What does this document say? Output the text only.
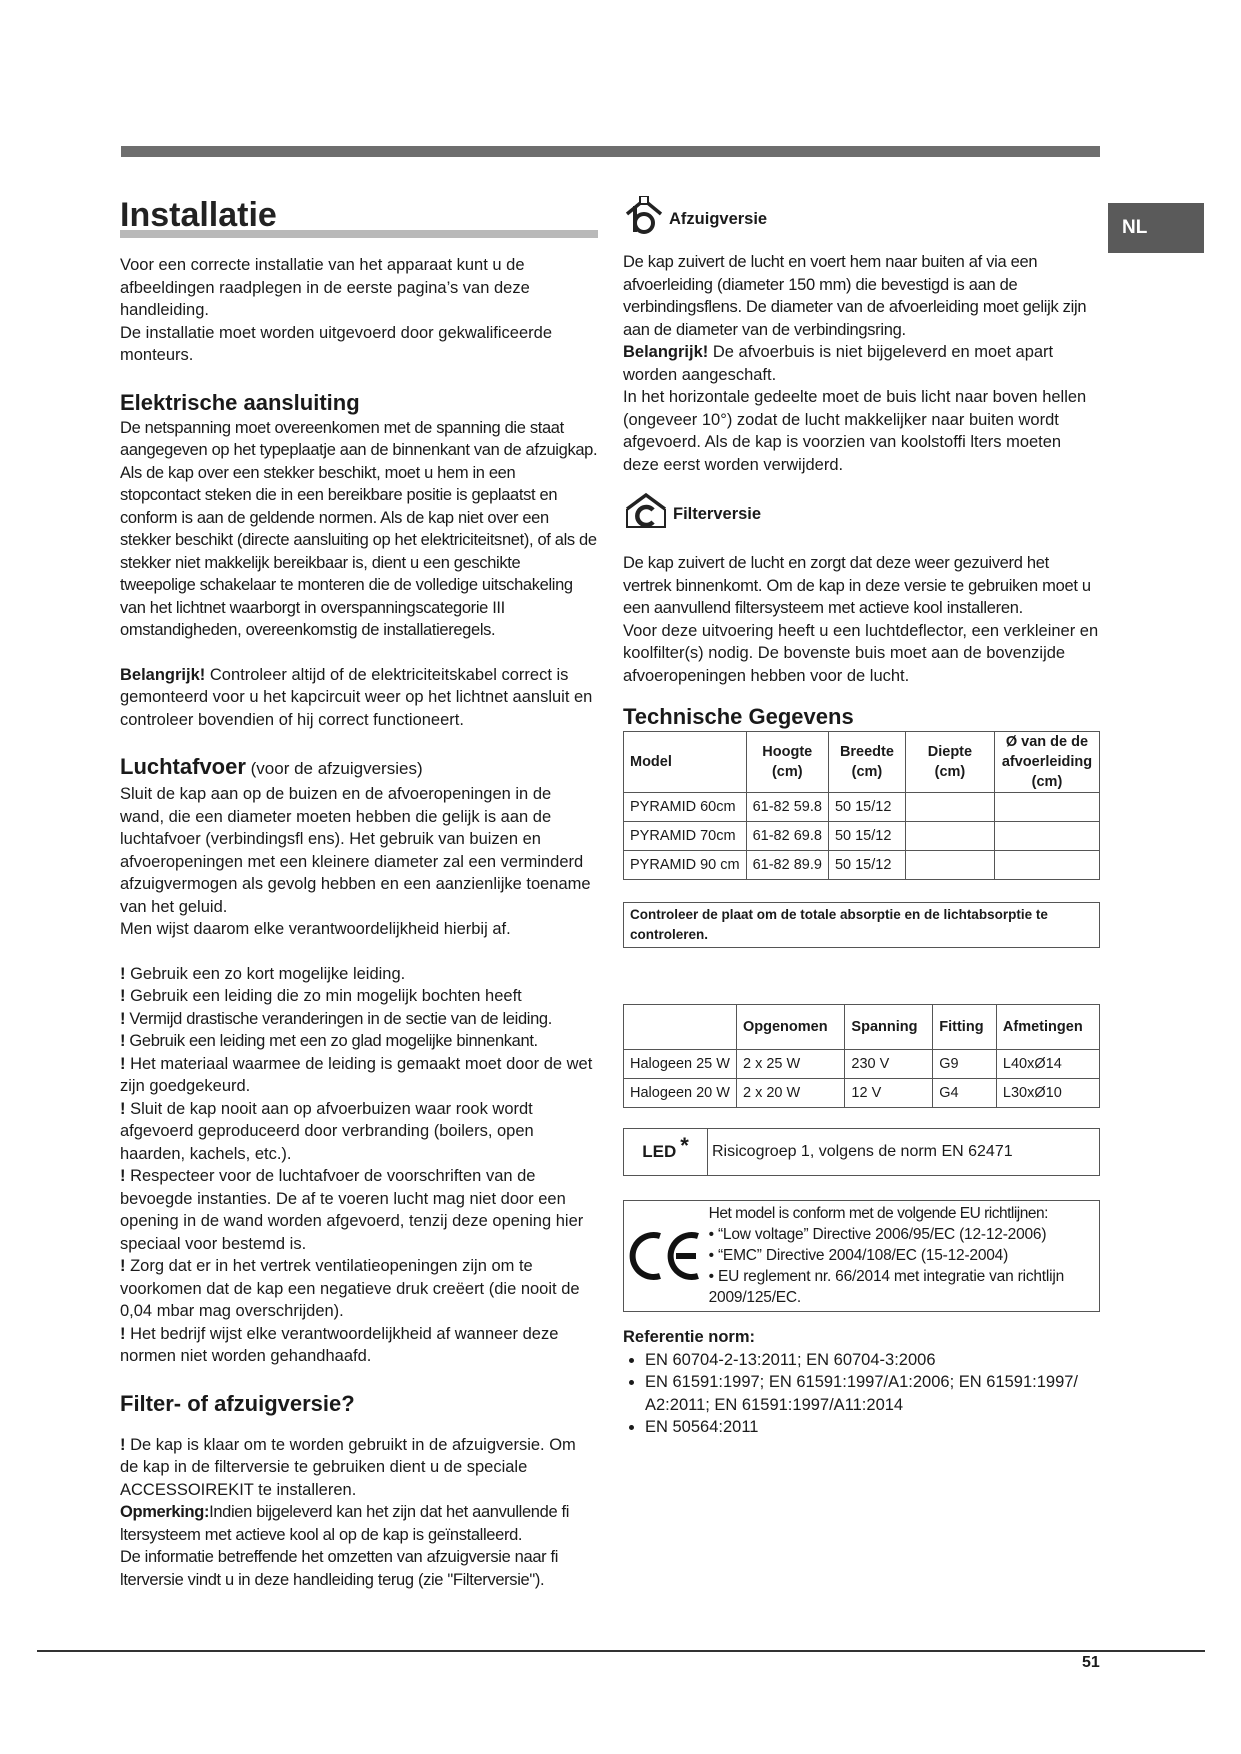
NL
Installatie

Voor een correcte installatie van het apparaat kunt u de afbeeldingen raadplegen in de eerste pagina’s van deze handleiding.

De installatie moet worden uitgevoerd door gekwalificeerde monteurs.

Elektrische aansluiting

De netspanning moet overeenkomen met de spanning die staat aangegeven op het typeplaatje aan de binnenkant van de afzuigkap. Als de kap over een stekker beschikt, moet u hem in een stopcontact steken die in een bereikbare positie is geplaatst en conform is aan de geldende normen. Als de kap niet over een stekker beschikt (directe aansluiting op het elektriciteitsnet), of als de stekker niet makkelijk bereikbaar is, dient u een geschikte tweepolige schakelaar te monteren die de volledige uitschakeling van het lichtnet waarborgt in overspanningscategorie III omstandigheden, overeenkomstig de installatieregels.

Belangrijk! Controleer altijd of de elektriciteitskabel correct is gemonteerd voor u het kapcircuit weer op het lichtnet aansluit en controleer bovendien of hij correct functioneert.

Luchtafvoer (voor de afzuigversies)

Sluit de kap aan op de buizen en de afvoeropeningen in de wand, die een diameter moeten hebben die gelijk is aan de luchtafvoer (verbindingsfl ens). Het gebruik van buizen en afvoeropeningen met een kleinere diameter zal een verminderd afzuigvermogen als gevolg hebben en een aanzienlijke toename van het geluid.

Men wijst daarom elke verantwoordelijkheid hierbij af.

! Gebruik een zo kort mogelijke leiding.

! Gebruik een leiding die zo min mogelijk bochten heeft

! Vermijd drastische veranderingen in de sectie van de leiding.

! Gebruik een leiding met een zo glad mogelijke binnenkant.

! Het materiaal waarmee de leiding is gemaakt moet door de wet zijn goedgekeurd.

! Sluit de kap nooit aan op afvoerbuizen waar rook wordt afgevoerd geproduceerd door verbranding (boilers, open haarden, kachels, etc.).

! Respecteer voor de luchtafvoer de voorschriften van de bevoegde instanties. De af te voeren lucht mag niet door een opening in de wand worden afgevoerd, tenzij deze opening hier speciaal voor bestemd is.

! Zorg dat er in het vertrek ventilatieopeningen zijn om te voorkomen dat de kap een negatieve druk creëert (die nooit de 0,04 mbar mag overschrijden).

! Het bedrijf wijst elke verantwoordelijkheid af wanneer deze normen niet worden gehandhaafd.

Filter- of afzuigversie?

! De kap is klaar om te worden gebruikt in de afzuigversie. Om de kap in de filterversie te gebruiken dient u de speciale ACCESSOIREKIT te installeren.

Opmerking:Indien bijgeleverd kan het zijn dat het aanvullende fi ltersysteem met actieve kool al op de kap is geïnstalleerd.

De informatie betreffende het omzetten van afzuigversie naar fi lterversie vindt u in deze handleiding terug (zie "Filterversie").

Afzuigversie

De kap zuivert de lucht en voert hem naar buiten af via een afvoerleiding (diameter 150 mm) die bevestigd is aan de verbindingsflens. De diameter van de afvoerleiding moet gelijk zijn aan de diameter van de verbindingsring.

Belangrijk! De afvoerbuis is niet bijgeleverd en moet apart worden aangeschaft.

In het horizontale gedeelte moet de buis licht naar boven hellen (ongeveer 10°) zodat de lucht makkelijker naar buiten wordt afgevoerd. Als de kap is voorzien van koolstoffi lters moeten deze eerst worden verwijderd.

Filterversie

De kap zuivert de lucht en zorgt dat deze weer gezuiverd het vertrek binnenkomt. Om de kap in deze versie te gebruiken moet u een aanvullend filtersysteem met actieve kool installeren.

Voor deze uitvoering heeft u een luchtdeflector, een verkleiner en koolfilter(s) nodig. De bovenste buis moet aan de bovenzijde afvoeropeningen hebben voor de lucht.

Technische Gegevens
Model	Hoogte (cm)	Breedte (cm)	Diepte (cm)	Ø van de de afvoerleiding (cm)
PYRAMID 60cm	61-82 59.8	50 15/12		
PYRAMID 70cm	61-82 69.8	50 15/12		
PYRAMID 90 cm	61-82 89.9	50 15/12		
Controleer de plaat om de totale absorptie en de lichtabsorptie te controleren.
	Opgenomen	Spanning	Fitting	Afmetingen
Halogeen 25 W	2 x 25 W	230 V	G9	L40xØ14
Halogeen 20 W	2 x 20 W	12 V	G4	L30xØ10
LED* Risicogroep 1, volgens de norm EN 62471
Het model is conform met de volgende EU richtlijnen:
• “Low voltage” Directive 2006/95/EC (12-12-2006)
• “EMC” Directive 2004/108/EC (15-12-2004)
• EU reglement nr. 66/2014 met integratie van richtlijn 2009/125/EC.
Referentie norm:
• EN 60704-2-13:2011; EN 60704-3:2006
• EN 61591:1997; EN 61591:1997/A1:2006; EN 61591:1997/ A2:2011; EN 61591:1997/A11:2014
• EN 50564:2011
51
